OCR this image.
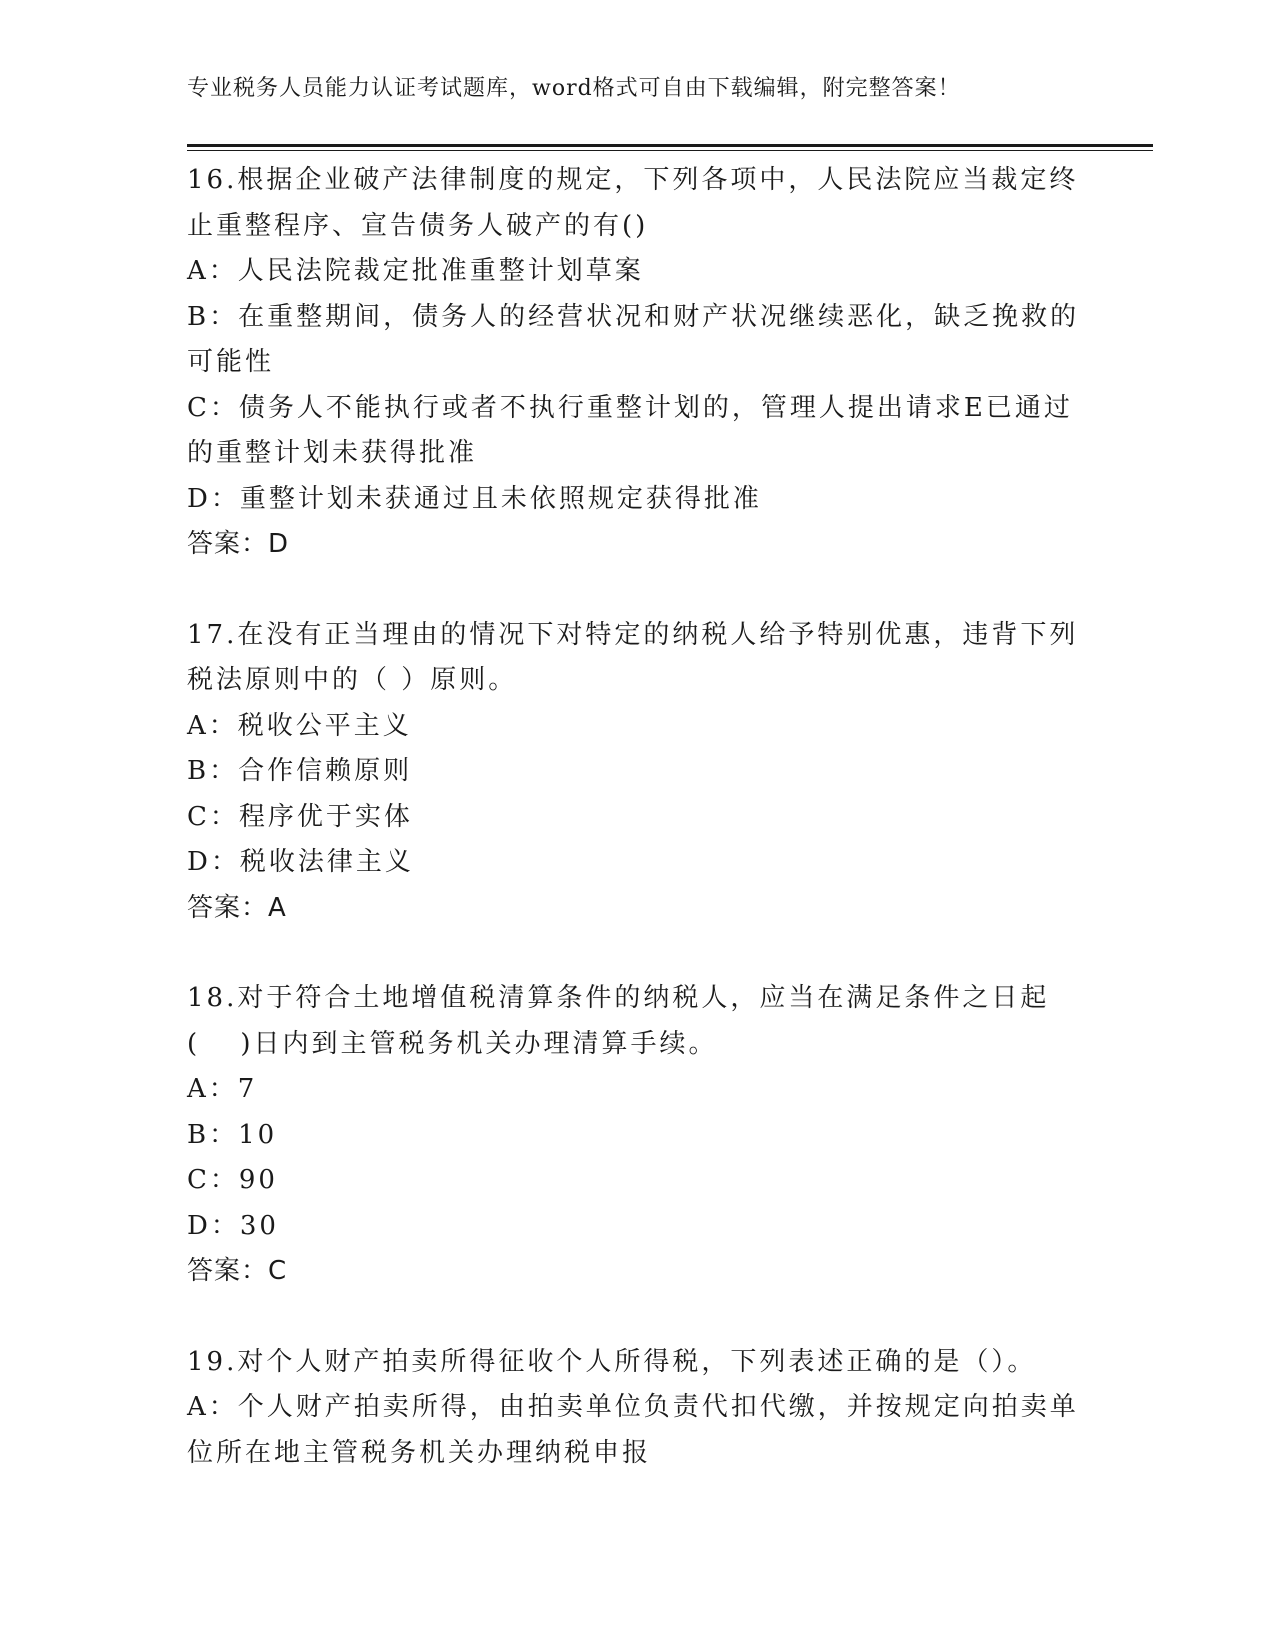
专业税务人员能力认证考试题库，word格式可自由下载编辑，附完整答案！
16.根据企业破产法律制度的规定，下列各项中，人民法院应当裁定终
止重整程序、宣告债务人破产的有()
A：人民法院裁定批准重整计划草案
B：在重整期间，债务人的经营状况和财产状况继续恶化，缺乏挽救的
可能性
C：债务人不能执行或者不执行重整计划的，管理人提出请求E已通过
的重整计划未获得批准
D：重整计划未获通过且未依照规定获得批准
答案：D
17.在没有正当理由的情况下对特定的纳税人给予特别优惠，违背下列
税法原则中的（ ）原则。
A：税收公平主义
B：合作信赖原则
C：程序优于实体
D：税收法律主义
答案：A
18.对于符合土地增值税清算条件的纳税人，应当在满足条件之日起
(　 )日内到主管税务机关办理清算手续。
A：7
B：10
C：90
D：30
答案：C
19.对个人财产拍卖所得征收个人所得税，下列表述正确的是（）。
A：个人财产拍卖所得，由拍卖单位负责代扣代缴，并按规定向拍卖单
位所在地主管税务机关办理纳税申报
